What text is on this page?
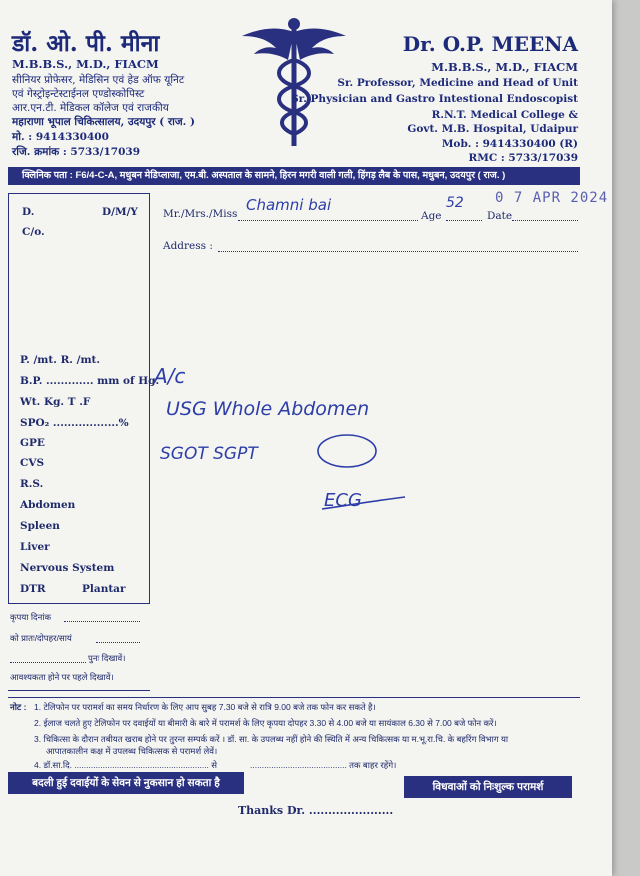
डॉ. ओ. पी. मीना
M.B.B.S., M.D., FIACM
सीनियर प्रोफेसर, मेडिसिन एवं हेड ऑफ यूनिट
एवं गेस्ट्रोइन्टेस्टाईनल एण्डोस्कोपिस्ट
आर.एन.टी. मेडिकल कॉलेज एवं राजकीय
महाराणा भूपाल चिकित्सालय, उदयपुर ( राज. )
मो. : 9414330400
रजि. क्रमांक : 5733/17039
Dr. O.P. MEENA
M.B.B.S., M.D., FIACM
Sr. Professor, Medicine and Head of Unit
Sr. Physician and Gastro Intestional Endoscopist
R.N.T. Medical College &
Govt. M.B. Hospital, Udaipur
Mob. : 9414330400 (R)
RMC : 5733/17039
क्लिनिक पता : F6/4-C-A, मधुबन मेडिप्लाजा, एम.बी. अस्पताल के सामने, हिरन मगरी वाली गली, हिंगड़ लैब के पास, मधुबन, उदयपुर ( राज. )
D.	D/M/Y
C/o.
P. /mt. R. /mt.
B.P. ............. mm of Hg.
Wt. Kg. T .F
SPO₂ ..................%
GPE
CVS
R.S.
Abdomen
Spleen
Liver
Nervous System
DTR	Plantar
कृपया दिनांक
को प्रातः/दोपहर/सायं
पुनः दिखावें।
आवश्यकता होने पर पहले दिखावें।
Mr./Mrs./Miss Chamni bai
Age
52
Date
0 7 APR 2024
Address :
A/c
USG Whole Abdomen
SGOT SGPT
ECG
नोट : 1. टेलिफोन पर परामर्श का समय निर्धारण के लिए आप सुबह 7.30 बजे से रात्रि 9.00 बजे तक फोन कर सकते है।
2. ईलाज चलते हुए टेलिफोन पर दवाईयों या बीमारी के बारे में परामर्श के लिए कृपया दोपहर 3.30 से 4.00 बजे या सायंकाल 6.30 से 7.00 बजे फोन करें।
3. चिकित्सा के दौरान तबीयत खराब होने पर तुरन्त सम्पर्क करें । डॉ. सा. के उपलब्ध नहीं होने की स्थिति में अन्य चिकित्सक या म.भू.रा.चि. के बहरिंग विभाग या
आपातकालीन कक्ष में उपलब्ध चिकित्सक से परामर्श लेवें।
4. डॉ.सा.दि. ......................................................... से	......................................... तक बाहर रहेंगे।
बदली हुई दवाईयों के सेवन से नुकसान हो सकता है	विधवाओं को निःशुल्क परामर्श
Thanks Dr. ......................
